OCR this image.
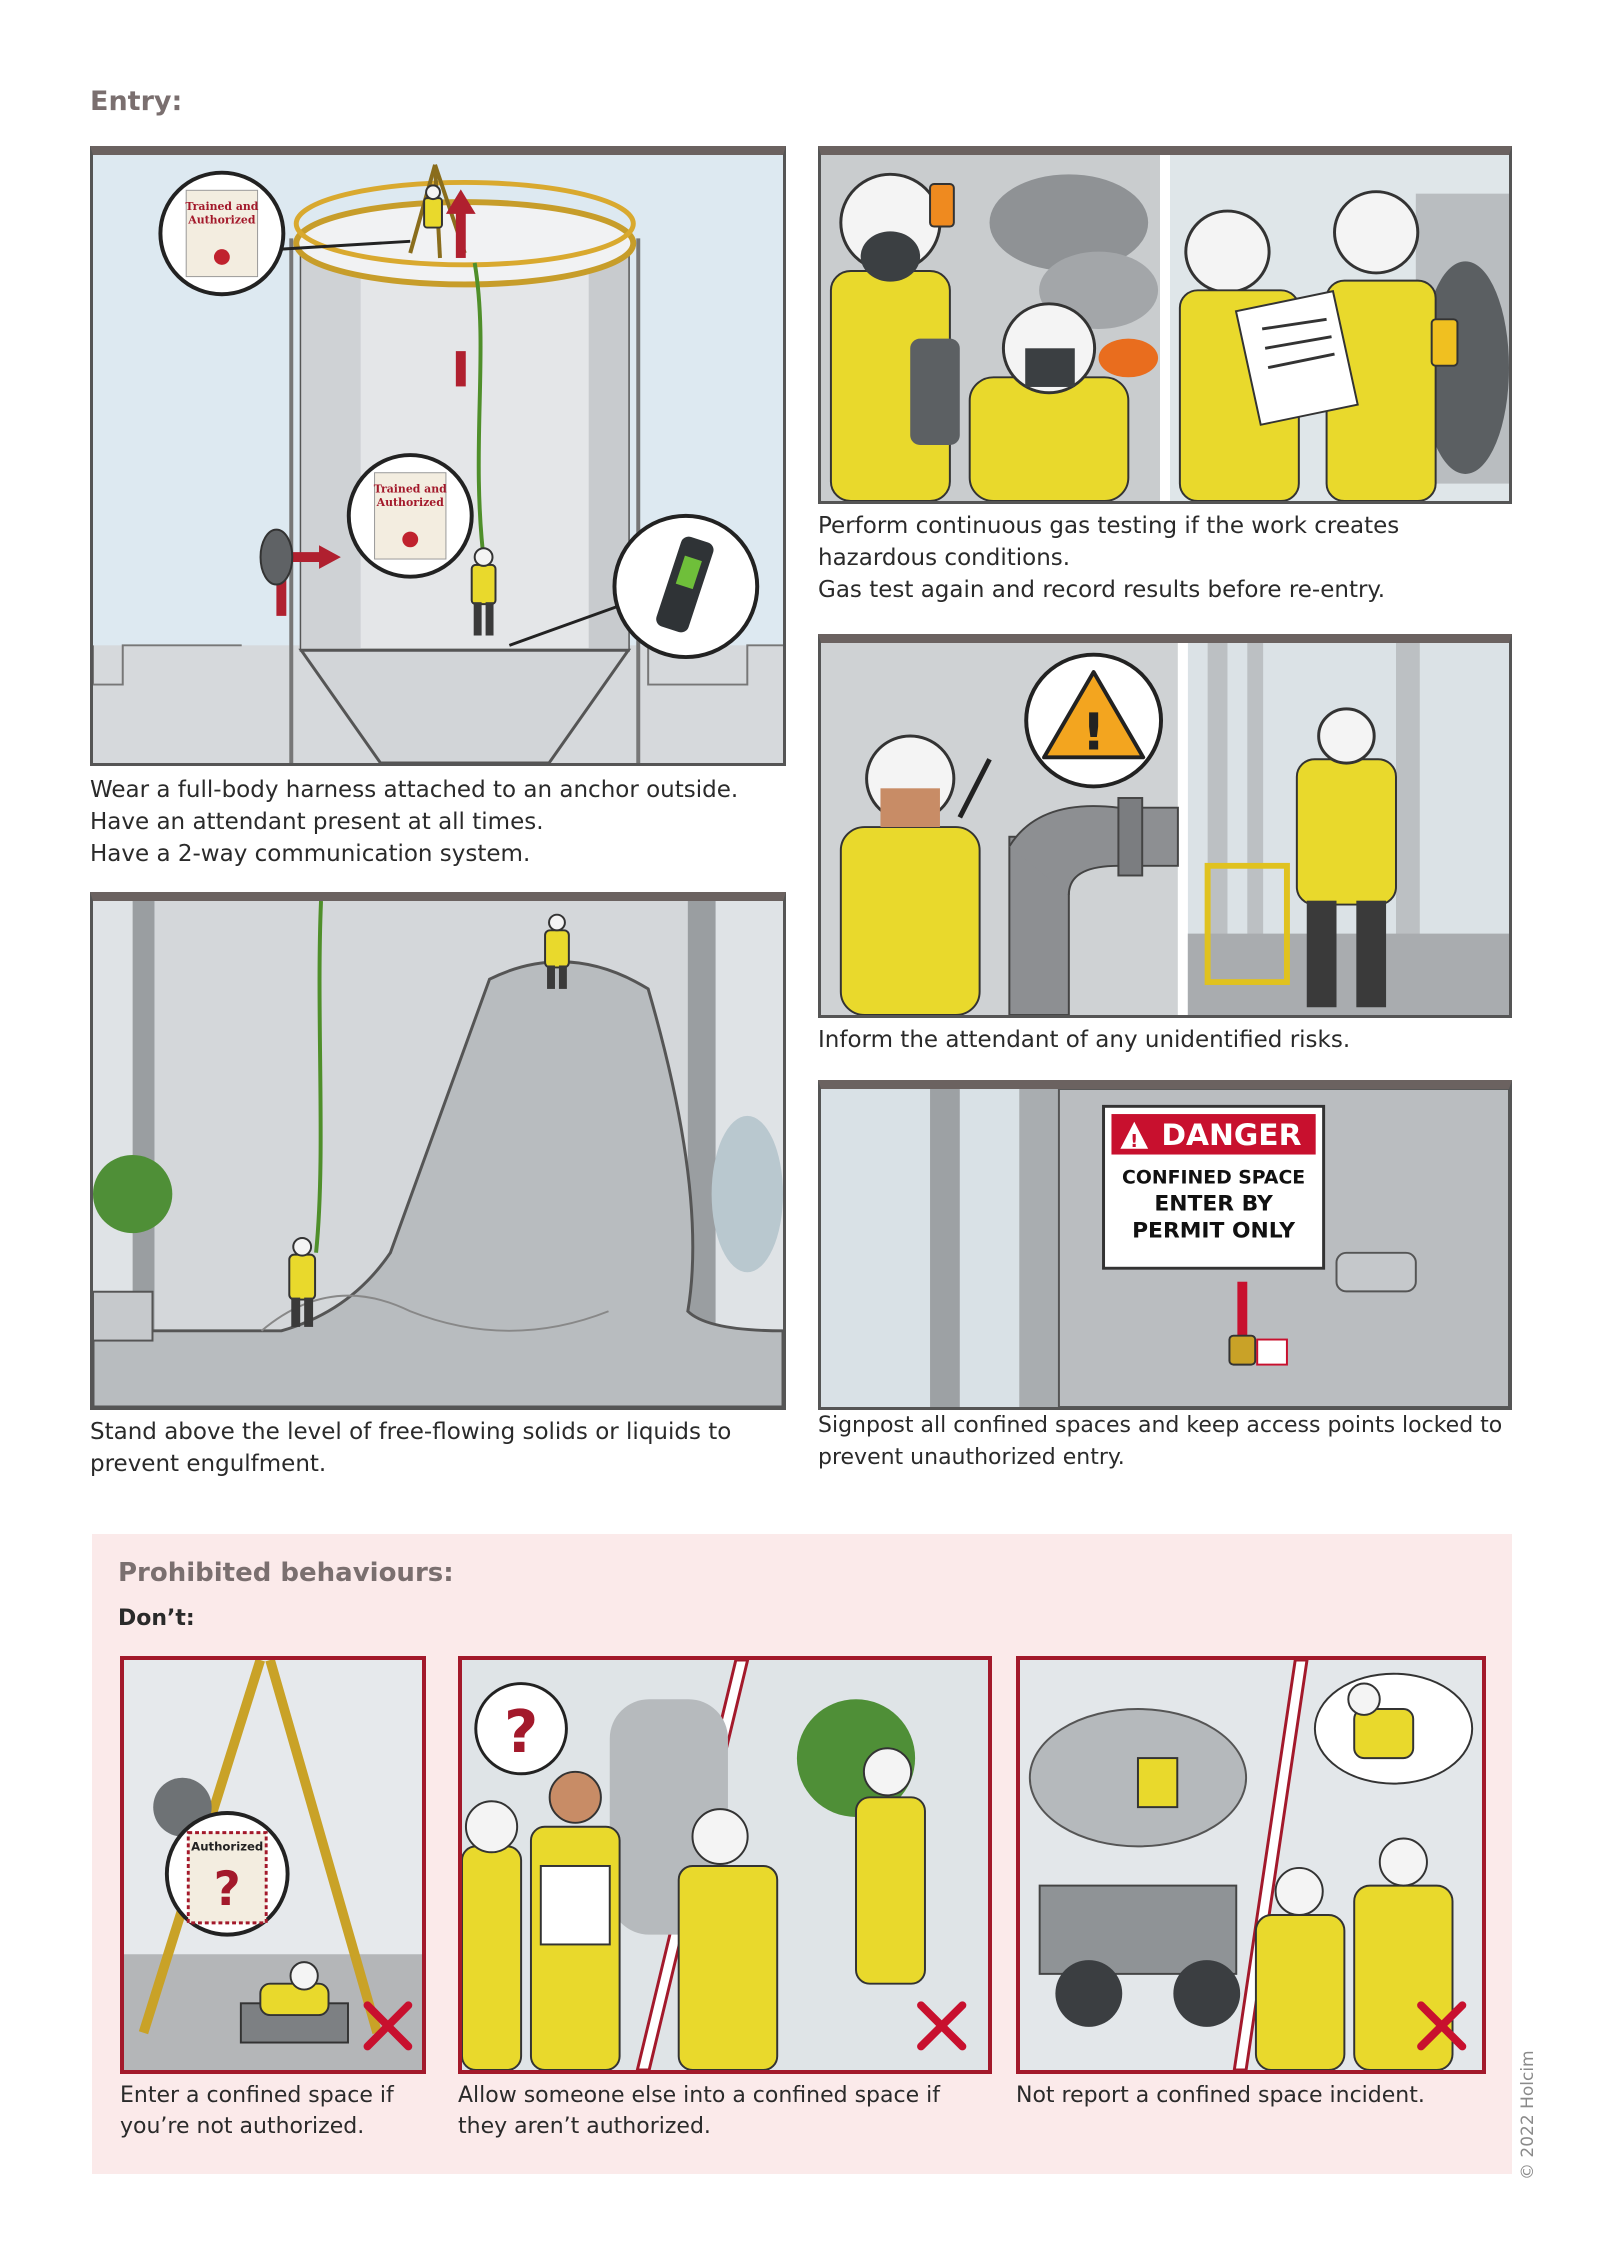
Entry:
Trained and
Authorized
Trained and
Authorized
Wear a full-body harness attached to an anchor outside.
Have an attendant present at all times.
Have a 2-way communication system.
Perform continuous gas testing if the work creates
hazardous conditions.
Gas test again and record results before re-entry.
!
Inform the attendant of any unidentified risks.
Stand above the level of free-flowing solids or liquids to
prevent engulfment.
! DANGER
CONFINED SPACE
ENTER BY
PERMIT ONLY
Signpost all confined spaces and keep access points locked to
prevent unauthorized entry.
Prohibited behaviours:
Don’t:
Authorized
?
?
Enter a confined space if
you’re not authorized.
Allow someone else into a confined space if
they aren’t authorized.
Not report a confined space incident.	© 2022 Holcim
